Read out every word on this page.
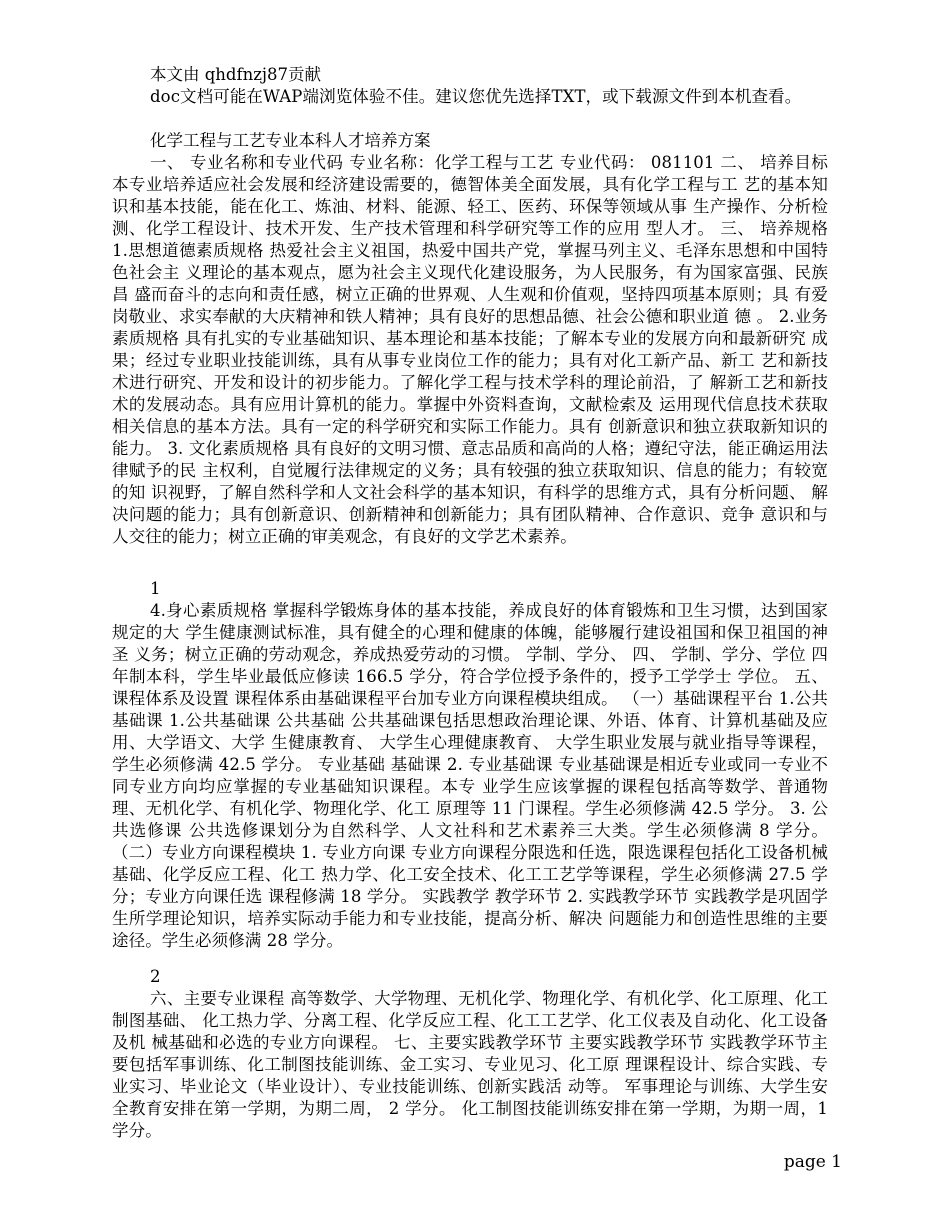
本文由 qhdfnzj87贡献
doc文档可能在WAP端浏览体验不佳。建议您优先选择TXT，或下载源文件到本机查看。
化学工程与工艺专业本科人才培养方案
一、 专业名称和专业代码 专业名称：化学工程与工艺 专业代码： 081101 二、 培养目标 本专业培养适应社会发展和经济建设需要的，德智体美全面发展，具有化学工程与工 艺的基本知识和基本技能，能在化工、炼油、材料、能源、轻工、医药、环保等领域从事 生产操作、分析检测、化学工程设计、技术开发、生产技术管理和科学研究等工作的应用 型人才。 三、 培养规格 1.思想道德素质规格 热爱社会主义祖国，热爱中国共产党，掌握马列主义、毛泽东思想和中国特色社会主 义理论的基本观点，愿为社会主义现代化建设服务，为人民服务，有为国家富强、民族昌 盛而奋斗的志向和责任感，树立正确的世界观、人生观和价值观，坚持四项基本原则；具 有爱岗敬业、求实奉献的大庆精神和铁人精神；具有良好的思想品德、社会公德和职业道 德 。 2.业务素质规格 具有扎实的专业基础知识、基本理论和基本技能；了解本专业的发展方向和最新研究 成果；经过专业职业技能训练，具有从事专业岗位工作的能力；具有对化工新产品、新工 艺和新技术进行研究、开发和设计的初步能力。了解化学工程与技术学科的理论前沿，了 解新工艺和新技术的发展动态。具有应用计算机的能力。掌握中外资料查询，文献检索及 运用现代信息技术获取相关信息的基本方法。具有一定的科学研究和实际工作能力。具有 创新意识和独立获取新知识的能力。 3. 文化素质规格 具有良好的文明习惯、意志品质和高尚的人格；遵纪守法，能正确运用法律赋予的民 主权利，自觉履行法律规定的义务；具有较强的独立获取知识、信息的能力；有较宽的知 识视野，了解自然科学和人文社会科学的基本知识，有科学的思维方式，具有分析问题、 解决问题的能力；具有创新意识、创新精神和创新能力；具有团队精神、合作意识、竞争 意识和与人交往的能力；树立正确的审美观念，有良好的文学艺术素养。
1
4.身心素质规格 掌握科学锻炼身体的基本技能，养成良好的体育锻炼和卫生习惯，达到国家规定的大 学生健康测试标准，具有健全的心理和健康的体魄，能够履行建设祖国和保卫祖国的神圣 义务；树立正确的劳动观念，养成热爱劳动的习惯。 学制、学分、 四、 学制、学分、学位 四年制本科，学生毕业最低应修读 166.5 学分，符合学位授予条件的，授予工学学士 学位。 五、 课程体系及设置 课程体系由基础课程平台加专业方向课程模块组成。 （一）基础课程平台 1.公共基础课 1.公共基础课 公共基础 公共基础课包括思想政治理论课、外语、体育、计算机基础及应用、大学语文、大学 生健康教育、 大学生心理健康教育、 大学生职业发展与就业指导等课程， 学生必须修满 42.5 学分。 专业基础 基础课 2. 专业基础课 专业基础课是相近专业或同一专业不同专业方向均应掌握的专业基础知识课程。本专 业学生应该掌握的课程包括高等数学、普通物理、无机化学、有机化学、物理化学、化工 原理等 11 门课程。学生必须修满 42.5 学分。 3. 公共选修课 公共选修课划分为自然科学、人文社科和艺术素养三大类。学生必须修满 8 学分。 （二）专业方向课程模块 1. 专业方向课 专业方向课程分限选和任选，限选课程包括化工设备机械基础、化学反应工程、化工 热力学、化工安全技术、化工工艺学等课程，学生必须修满 27.5 学分；专业方向课任选 课程修满 18 学分。 实践教学 教学环节 2. 实践教学环节 实践教学是巩固学生所学理论知识，培养实际动手能力和专业技能，提高分析、解决 问题能力和创造性思维的主要途径。学生必须修满 28 学分。
2
六、主要专业课程 高等数学、大学物理、无机化学、物理化学、有机化学、化工原理、化工制图基础、 化工热力学、分离工程、化学反应工程、化工工艺学、化工仪表及自动化、化工设备及机 械基础和必选的专业方向课程。 七、主要实践教学环节 主要实践教学环节 实践教学环节主要包括军事训练、化工制图技能训练、金工实习、专业见习、化工原 理课程设计、综合实践、专业实习、毕业论文（毕业设计）、专业技能训练、创新实践活 动等。 军事理论与训练、大学生安全教育安排在第一学期，为期二周， 2 学分。 化工制图技能训练安排在第一学期，为期一周，1 学分。
page 1
